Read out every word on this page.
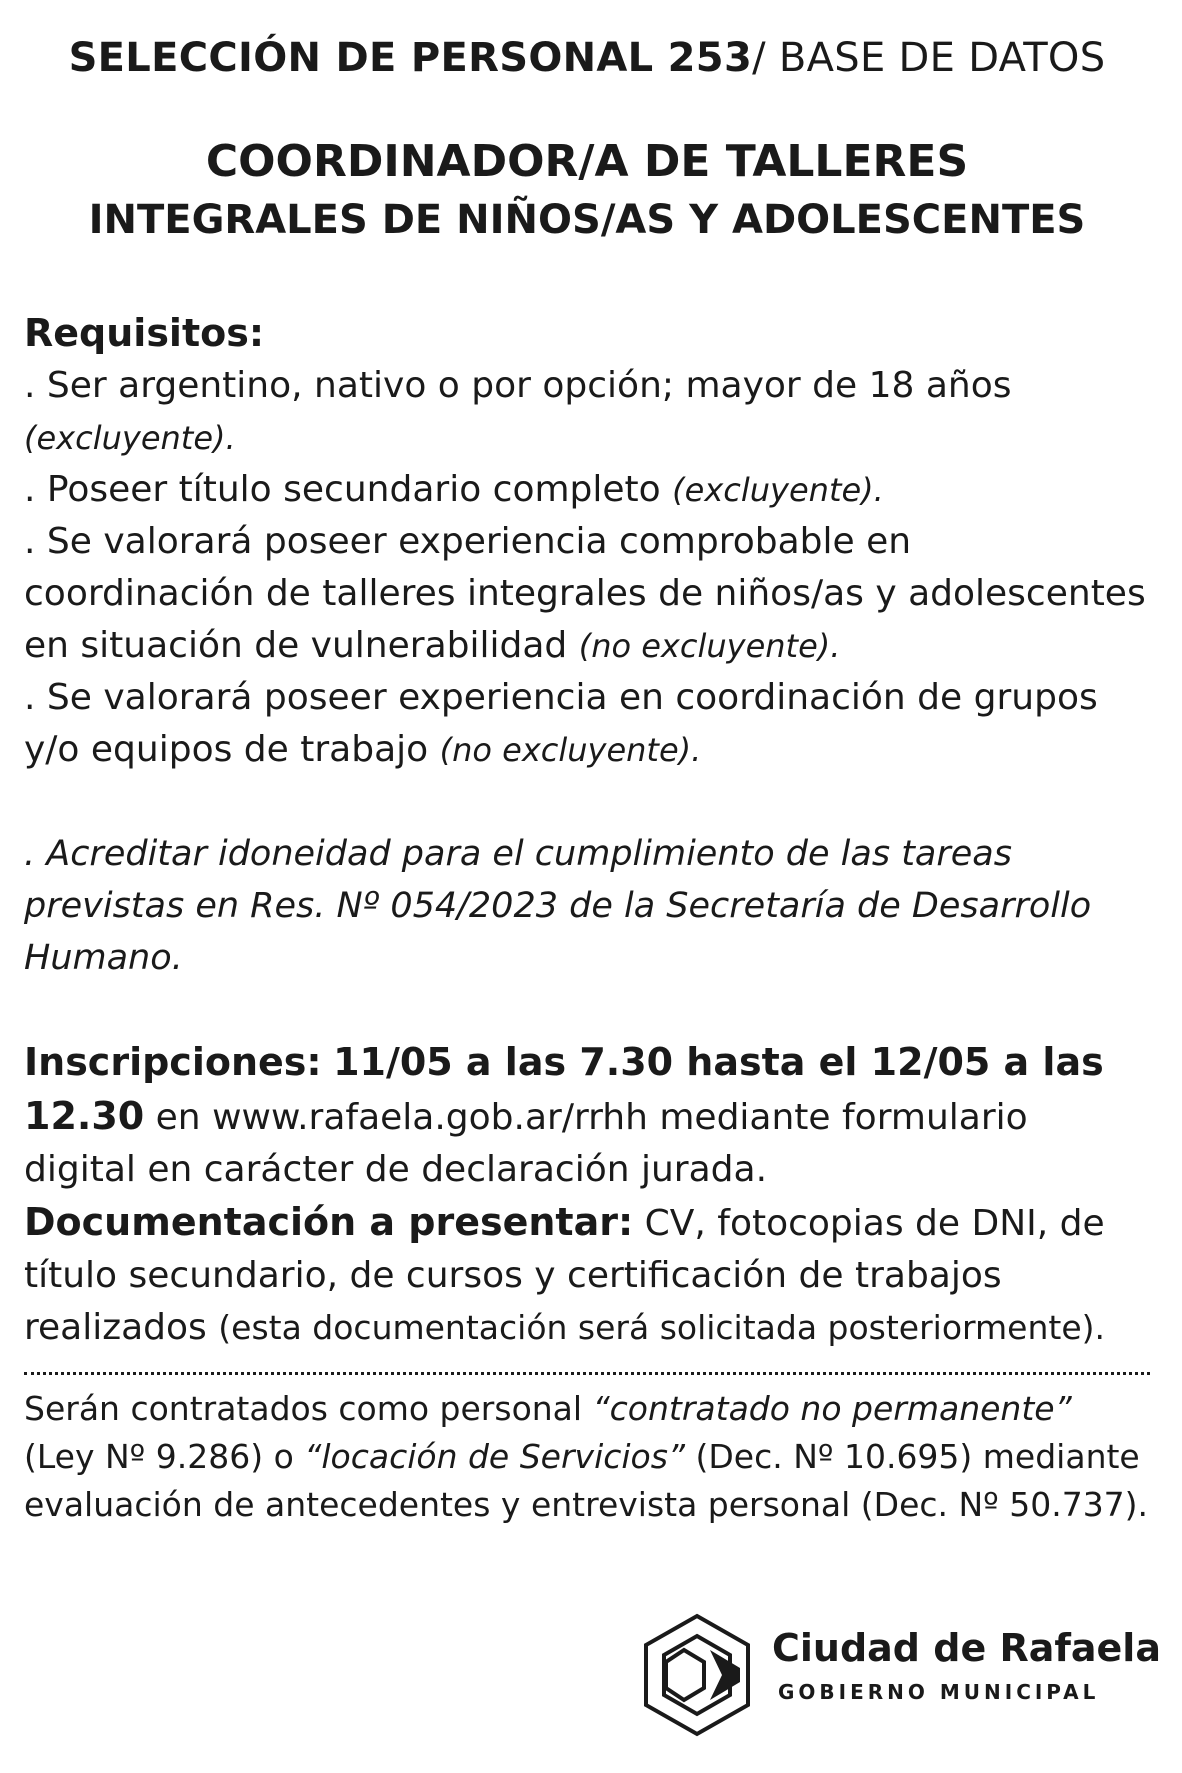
SELECCIÓN DE PERSONAL 253/ BASE DE DATOS
COORDINADOR/A DE TALLERES
INTEGRALES DE NIÑOS/AS Y ADOLESCENTES
Requisitos:
. Ser argentino, nativo o por opción; mayor de 18 años (excluyente).
. Poseer título secundario completo (excluyente).
. Se valorará poseer experiencia comprobable en coordinación de talleres integrales de niños/as y adolescentes en situación de vulnerabilidad (no excluyente).
. Se valorará poseer experiencia en coordinación de grupos y/o equipos de trabajo (no excluyente).
. Acreditar idoneidad para el cumplimiento de las tareas previstas en Res. Nº 054/2023 de la Secretaría de Desarrollo Humano.
Inscripciones: 11/05 a las 7.30 hasta el 12/05 a las 12.30 en www.rafaela.gob.ar/rrhh mediante formulario digital en carácter de declaración jurada.
Documentación a presentar: CV, fotocopias de DNI, de título secundario, de cursos y certificación de trabajos realizados (esta documentación será solicitada posteriormente).
Serán contratados como personal “contratado no permanente” (Ley Nº 9.286) o “locación de Servicios” (Dec. Nº 10.695) mediante evaluación de antecedentes y entrevista personal (Dec. Nº 50.737).
Ciudad de Rafaela
GOBIERNO MUNICIPAL
